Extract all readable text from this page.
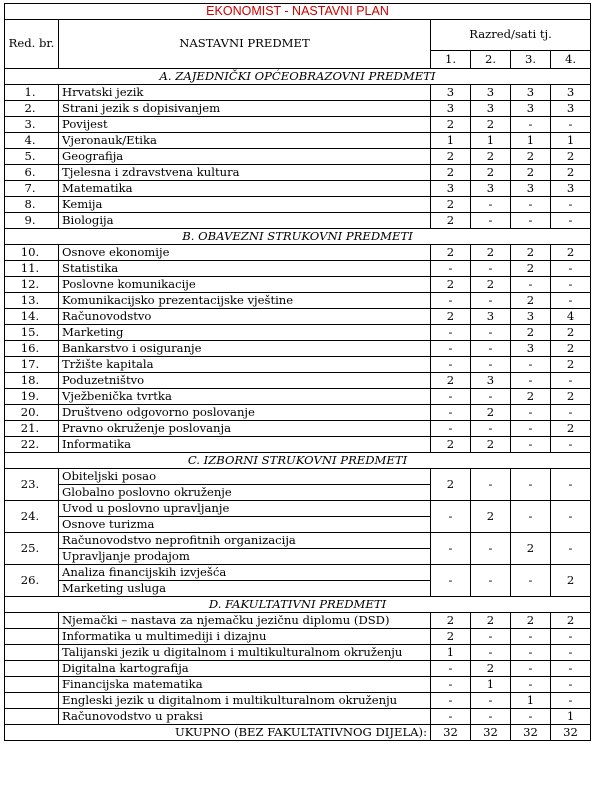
EKONOMIST - NASTAVNI PLAN					
Red. br.	NASTAVNI PREDMET	Razred/sati tj.			
		1.	2.	3.	4.
A. ZAJEDNIČKI OPĆEOBRAZOVNI PREDMETI					
1.	Hrvatski jezik	3	3	3	3
2.	Strani jezik s dopisivanjem	3	3	3	3
3.	Povijest	2	2	-	-
4.	Vjeronauk/Etika	1	1	1	1
5.	Geografija	2	2	2	2
6.	Tjelesna i zdravstvena kultura	2	2	2	2
7.	Matematika	3	3	3	3
8.	Kemija	2	-	-	-
9.	Biologija	2	-	-	-
B. OBAVEZNI STRUKOVNI PREDMETI					
10.	Osnove ekonomije	2	2	2	2
11.	Statistika	-	-	2	-
12.	Poslovne komunikacije	2	2	-	-
13.	Komunikacijsko prezentacijske vještine	-	-	2	-
14.	Računovodstvo	2	3	3	4
15.	Marketing	-	-	2	2
16.	Bankarstvo i osiguranje	-	-	3	2
17.	Tržište kapitala	-	-	-	2
18.	Poduzetništvo	2	3	-	-
19.	Vježbenička tvrtka	-	-	2	2
20.	Društveno odgovorno poslovanje	-	2	-	-
21.	Pravno okruženje poslovanja	-	-	-	2
22.	Informatika	2	2	-	-
C. IZBORNI STRUKOVNI PREDMETI					
23.	Obiteljski posao	2	-	-	-
	Globalno poslovno okruženje				
24.	Uvod u poslovno upravljanje	-	2	-	-
	Osnove turizma				
25.	Računovodstvo neprofitnih organizacija	-	-	2	-
	Upravljanje prodajom				
26.	Analiza financijskih izvješća	-	-	-	2
	Marketing usluga				
D. FAKULTATIVNI PREDMETI					
	Njemački – nastava za njemačku jezičnu diplomu (DSD)	2	2	2	2
	Informatika u multimediji i dizajnu	2	-	-	-
	Talijanski jezik u digitalnom i multikulturalnom okruženju	1	-	-	-
	Digitalna kartografija	-	2	-	-
	Financijska matematika	-	1	-	-
	Engleski jezik u digitalnom i multikulturalnom okruženju	-	-	1	-
	Računovodstvo u praksi	-	-	-	1
UKUPNO (BEZ FAKULTATIVNOG DIJELA):		32	32	32	32
